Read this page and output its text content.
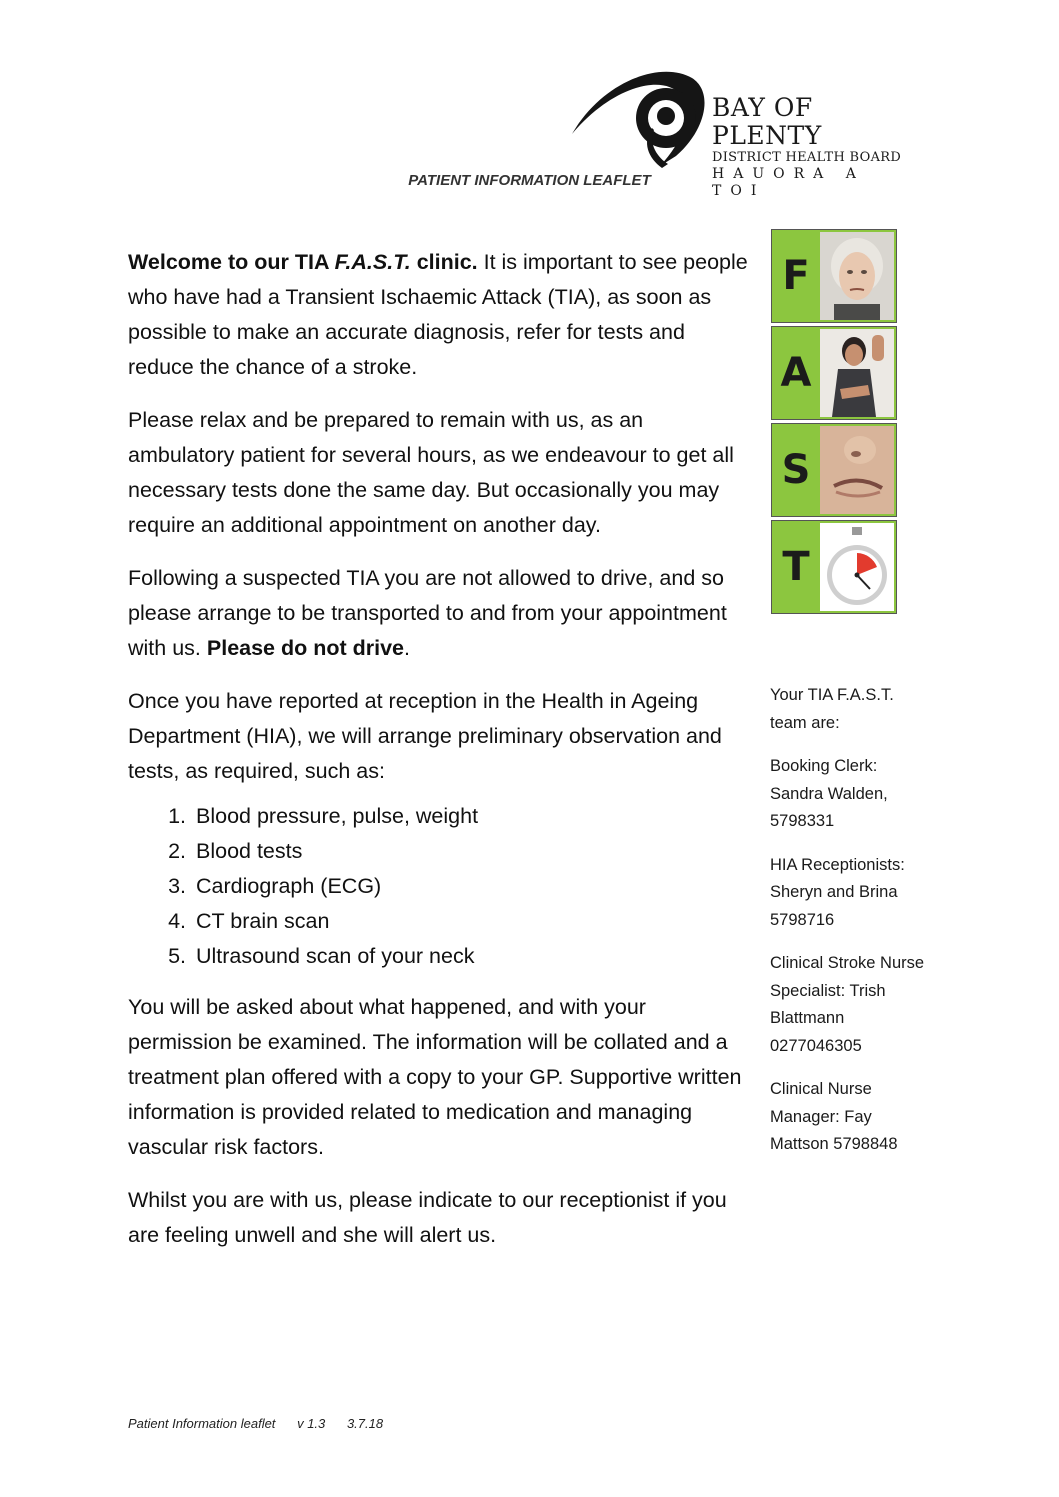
BAY OF PLENTY
DISTRICT HEALTH BOARD
HAUORA A TOI
PATIENT INFORMATION LEAFLET

Welcome to our TIA F.A.S.T. clinic. It is important to see people who have had a Transient Ischaemic Attack (TIA), as soon as possible to make an accurate diagnosis, refer for tests and reduce the chance of a stroke.

Please relax and be prepared to remain with us, as an ambulatory patient for several hours, as we endeavour to get all necessary tests done the same day. But occasionally you may require an additional appointment on another day.

Following a suspected TIA you are not allowed to drive, and so please arrange to be transported to and from your appointment with us. Please do not drive.

Once you have reported at reception in the Health in Ageing Department (HIA), we will arrange preliminary observation and tests, as required, such as:

1. Blood pressure, pulse, weight
2. Blood tests
3. Cardiograph (ECG)
4. CT brain scan
5. Ultrasound scan of your neck

You will be asked about what happened, and with your permission be examined. The information will be collated and a treatment plan offered with a copy to your GP. Supportive written information is provided related to medication and managing vascular risk factors.

Whilst you are with us, please indicate to our receptionist if you are feeling unwell and she will alert us.

F
A
S
T
Your TIA F.A.S.T. team are:
Booking Clerk: Sandra Walden, 5798331
HIA Receptionists: Sheryn and Brina 5798716
Clinical Stroke Nurse Specialist: Trish Blattmann 0277046305
Clinical Nurse Manager: Fay Mattson 5798848
Patient Information leaflet v 1.3 3.7.18
